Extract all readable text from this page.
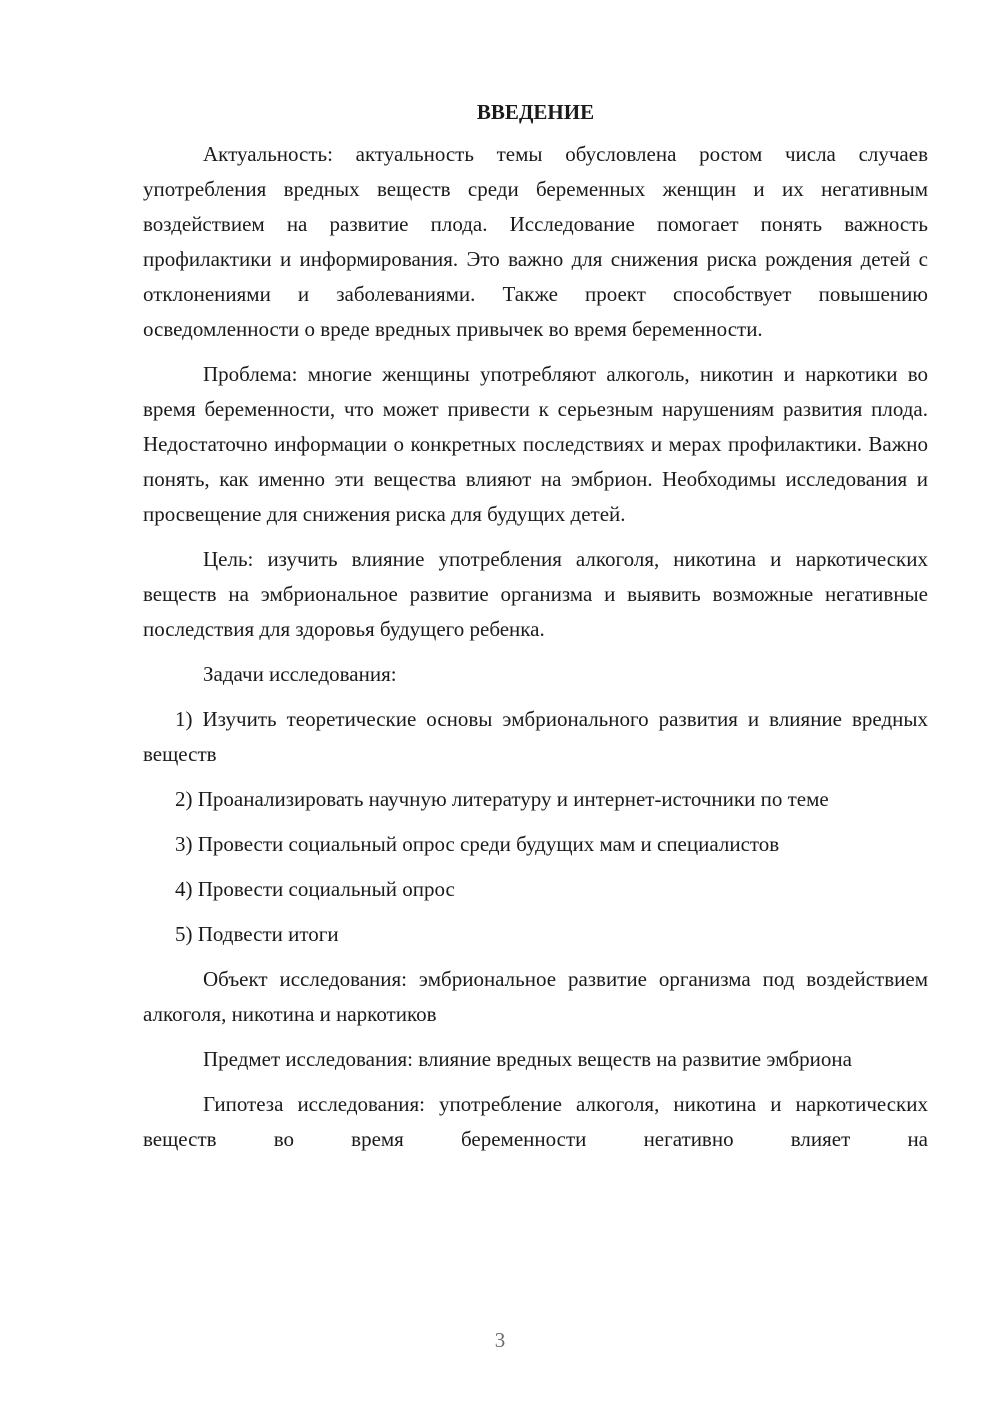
ВВЕДЕНИЕ

Актуальность: актуальность темы обусловлена ростом числа случаев употребления вредных веществ среди беременных женщин и их негативным воздействием на развитие плода. Исследование помогает понять важность профилактики и информирования. Это важно для снижения риска рождения детей с отклонениями и заболеваниями. Также проект способствует повышению осведомленности о вреде вредных привычек во время беременности.

Проблема: многие женщины употребляют алкоголь, никотин и наркотики во время беременности, что может привести к серьезным нарушениям развития плода. Недостаточно информации о конкретных последствиях и мерах профилактики. Важно понять, как именно эти вещества влияют на эмбрион. Необходимы исследования и просвещение для снижения риска для будущих детей.

Цель: изучить влияние употребления алкоголя, никотина и наркотических веществ на эмбриональное развитие организма и выявить возможные негативные последствия для здоровья будущего ребенка.

Задачи исследования:

1) Изучить теоретические основы эмбрионального развития и влияние вредных веществ

2) Проанализировать научную литературу и интернет-источники по теме

3) Провести социальный опрос среди будущих мам и специалистов

4) Провести социальный опрос

5) Подвести итоги

Объект исследования: эмбриональное развитие организма под воздействием алкоголя, никотина и наркотиков

Предмет исследования: влияние вредных веществ на развитие эмбриона

Гипотеза исследования: употребление алкоголя, никотина и наркотических веществ во время беременности негативно влияет на

3
